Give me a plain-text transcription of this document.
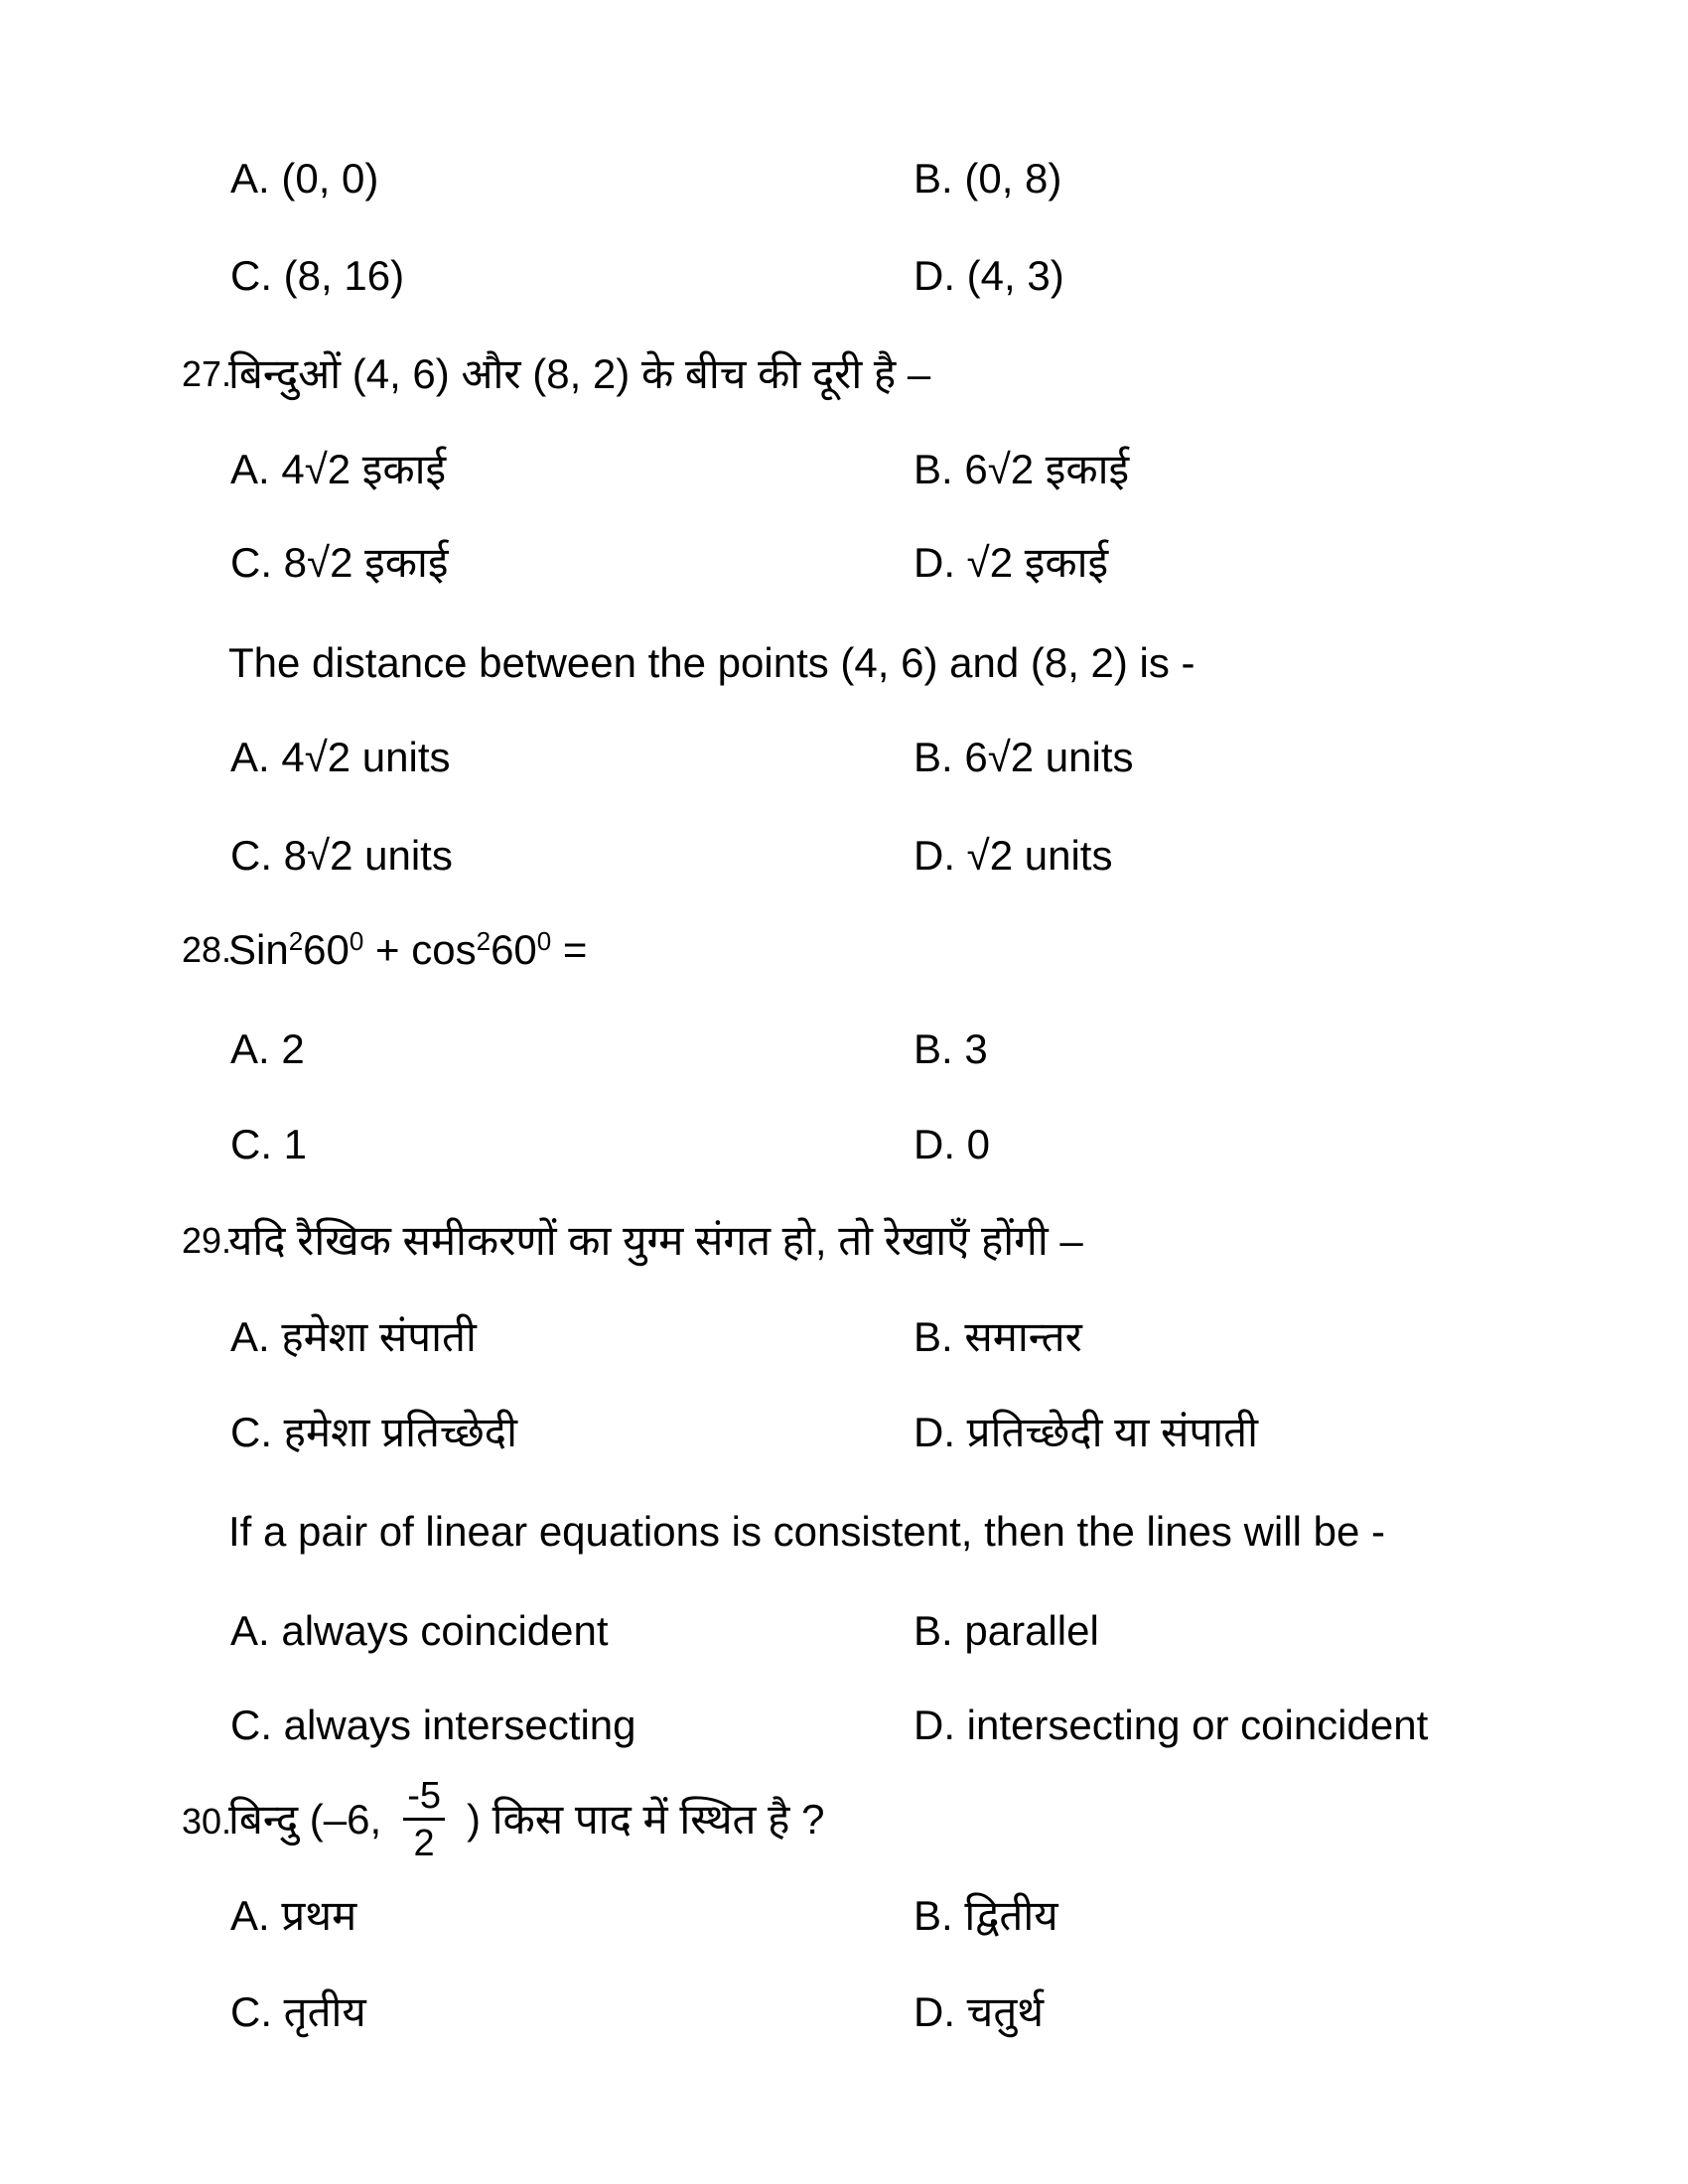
A. (0, 0)	B. (0, 8)
C. (8, 16)	D. (4, 3)
27.
बिन्दुओं (4, 6) और (8, 2) के बीच की दूरी है –
A. 4√2 इकाई	B. 6√2 इकाई
C. 8√2 इकाई	D. √2 इकाई
The distance between the points (4, 6) and (8, 2) is -
A. 4√2 units	B. 6√2 units
C. 8√2 units	D. √2 units
28.
$Sin^260^0 + \cos^260^0$ =
A. 2	B. 3
C. 1	D. 0
29.
यदि रैखिक समीकरणों का युग्म संगत हो, तो रेखाएँ होंगी –
A. हमेशा संपाती	B. समान्तर
C. हमेशा प्रतिच्छेदी	D. प्रतिच्छेदी या संपाती
If a pair of linear equations is consistent, then the lines will be -
A. always coincident	B. parallel
C. always intersecting	D. intersecting or coincident
30.
बिन्दु (–6, $\frac{-5}{2}$ ) किस पाद में स्थित है ?
A. प्रथम	B. द्वितीय
C. तृतीय	D. चतुर्थ
